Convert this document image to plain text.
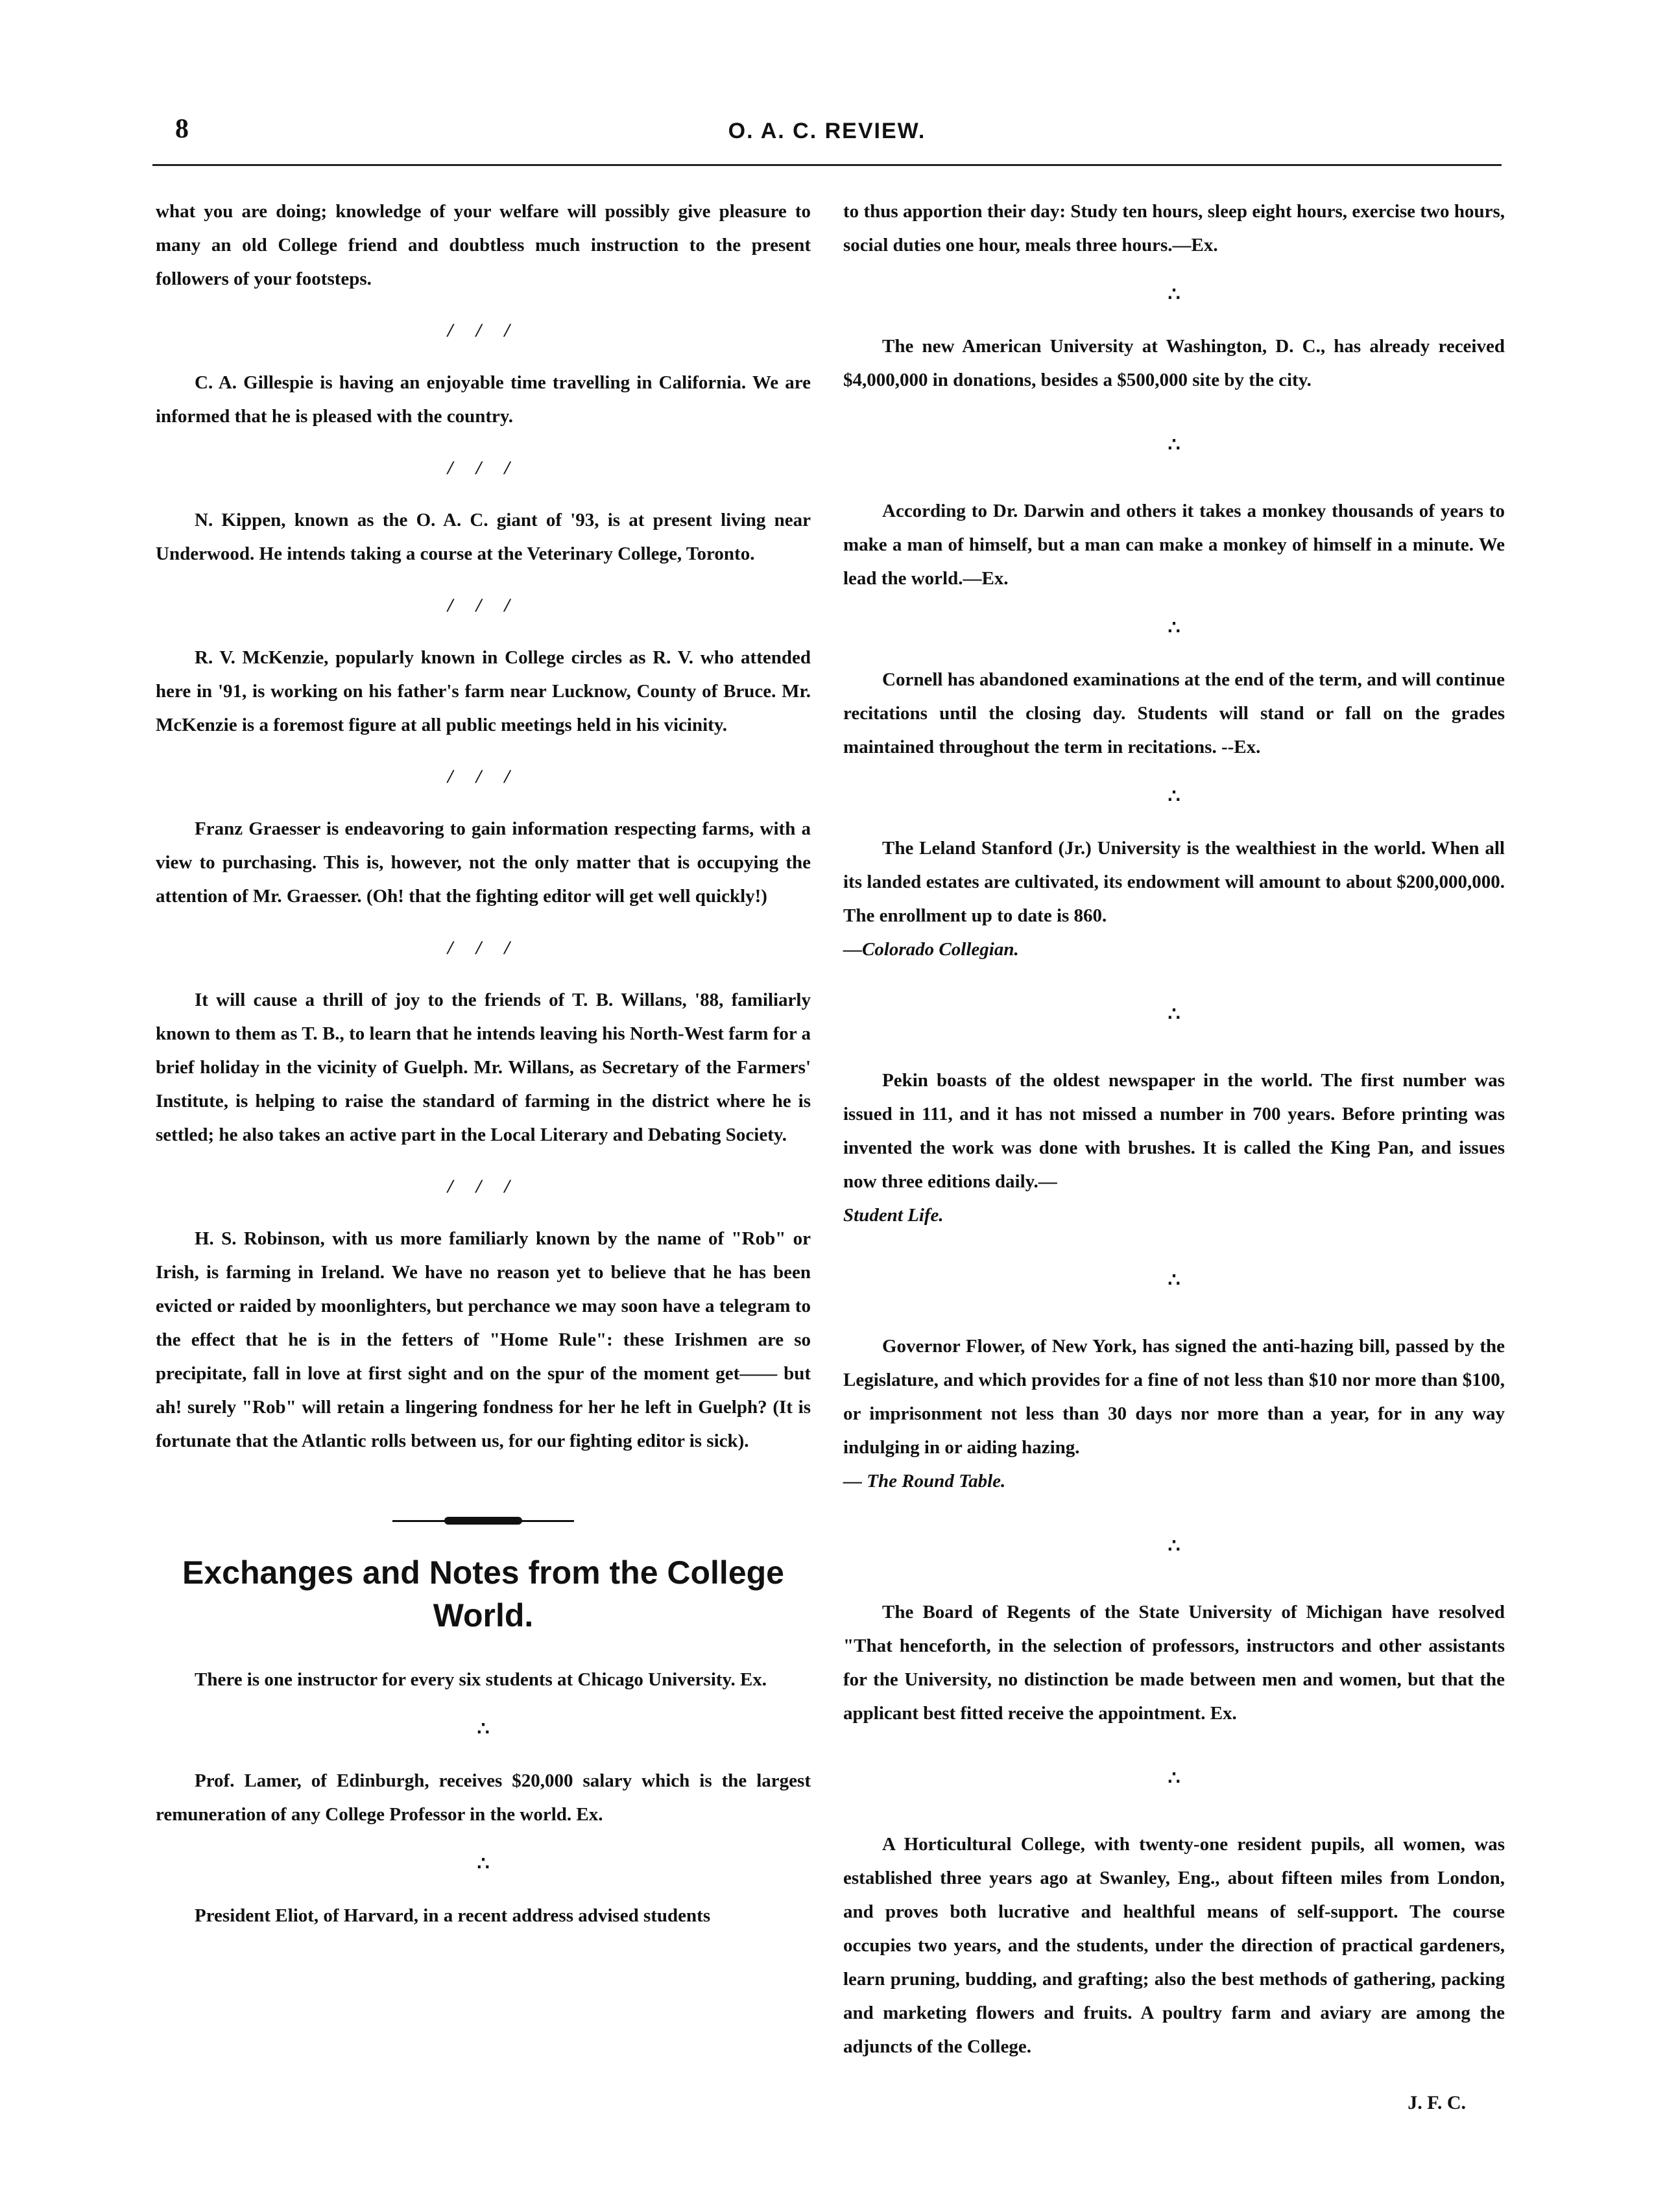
8	O. A. C. REVIEW.

what you are doing; knowledge of your welfare will possibly give pleasure to many an old College friend and doubtless much instruction to the present followers of your footsteps.

/ / /

C. A. Gillespie is having an enjoyable time travelling in California. We are informed that he is pleased with the country.

/ / /

N. Kippen, known as the O. A. C. giant of '93, is at present living near Underwood. He intends taking a course at the Veterinary College, Toronto.

/ / /

R. V. McKenzie, popularly known in College circles as R. V. who attended here in '91, is working on his father's farm near Lucknow, County of Bruce. Mr. McKenzie is a foremost figure at all public meetings held in his vicinity.

/ / /

Franz Graesser is endeavoring to gain information respecting farms, with a view to purchasing. This is, however, not the only matter that is occupying the attention of Mr. Graesser. (Oh! that the fighting editor will get well quickly!)

/ / /

It will cause a thrill of joy to the friends of T. B. Willans, '88, familiarly known to them as T. B., to learn that he intends leaving his North-West farm for a brief holiday in the vicinity of Guelph. Mr. Willans, as Secretary of the Farmers' Institute, is helping to raise the standard of farming in the district where he is settled; he also takes an active part in the Local Literary and Debating Society.

/ / /

H. S. Robinson, with us more familiarly known by the name of "Rob" or Irish, is farming in Ireland. We have no reason yet to believe that he has been evicted or raided by moonlighters, but perchance we may soon have a telegram to the effect that he is in the fetters of "Home Rule": these Irishmen are so precipitate, fall in love at first sight and on the spur of the moment get—— but ah! surely "Rob" will retain a lingering fondness for her he left in Guelph? (It is fortunate that the Atlantic rolls between us, for our fighting editor is sick).

Exchanges and Notes from the College World.

There is one instructor for every six students at Chicago University. Ex.

∴

Prof. Lamer, of Edinburgh, receives $20,000 salary which is the largest remuneration of any College Professor in the world. Ex.

∴

President Eliot, of Harvard, in a recent address advised students

to thus apportion their day: Study ten hours, sleep eight hours, exercise two hours, social duties one hour, meals three hours.—Ex.

∴

The new American University at Washington, D. C., has already received $4,000,000 in donations, besides a $500,000 site by the city.

∴

According to Dr. Darwin and others it takes a monkey thousands of years to make a man of himself, but a man can make a monkey of himself in a minute. We lead the world.—Ex.

∴

Cornell has abandoned examinations at the end of the term, and will continue recitations until the closing day. Students will stand or fall on the grades maintained throughout the term in recitations. --Ex.

∴

The Leland Stanford (Jr.) University is the wealthiest in the world. When all its landed estates are cultivated, its endowment will amount to about $200,000,000. The enrollment up to date is 860.
—Colorado Collegian.

∴

Pekin boasts of the oldest newspaper in the world. The first number was issued in 111, and it has not missed a number in 700 years. Before printing was invented the work was done with brushes. It is called the King Pan, and issues now three editions daily.—
Student Life.

∴

Governor Flower, of New York, has signed the anti-hazing bill, passed by the Legislature, and which provides for a fine of not less than $10 nor more than $100, or imprisonment not less than 30 days nor more than a year, for in any way indulging in or aiding hazing.
— The Round Table.

∴

The Board of Regents of the State University of Michigan have resolved "That henceforth, in the selection of professors, instructors and other assistants for the University, no distinction be made between men and women, but that the applicant best fitted receive the appointment. Ex.

∴

A Horticultural College, with twenty-one resident pupils, all women, was established three years ago at Swanley, Eng., about fifteen miles from London, and proves both lucrative and healthful means of self-support. The course occupies two years, and the students, under the direction of practical gardeners, learn pruning, budding, and grafting; also the best methods of gathering, packing and marketing flowers and fruits. A poultry farm and aviary are among the adjuncts of the College.

J. F. C.
